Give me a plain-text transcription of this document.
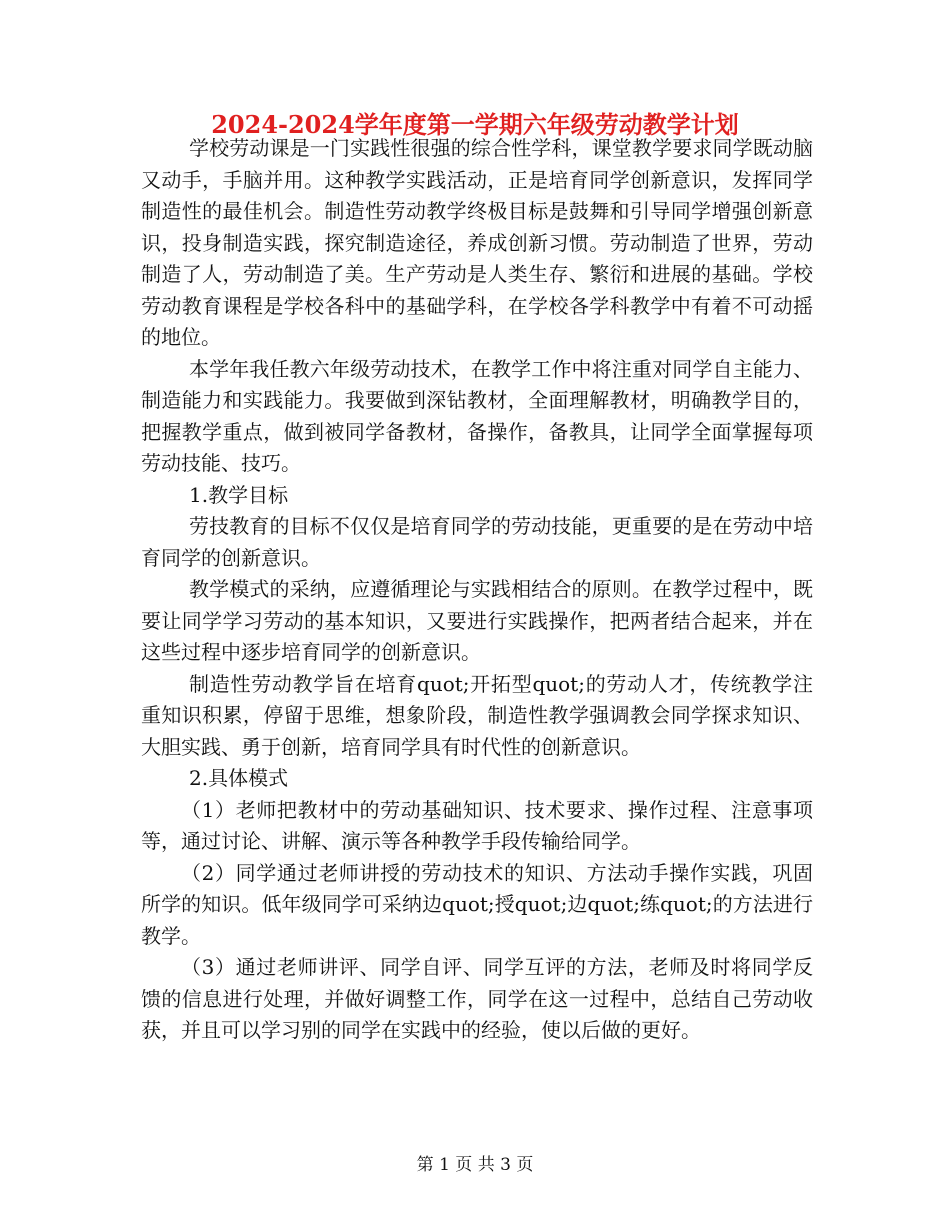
2024-2024学年度第一学期六年级劳动教学计划

学校劳动课是一门实践性很强的综合性学科，课堂教学要求同学既动脑又动手，手脑并用。这种教学实践活动，正是培育同学创新意识，发挥同学制造性的最佳机会。制造性劳动教学终极目标是鼓舞和引导同学增强创新意识，投身制造实践，探究制造途径，养成创新习惯。劳动制造了世界，劳动制造了人，劳动制造了美。生产劳动是人类生存、繁衍和进展的基础。学校劳动教育课程是学校各科中的基础学科，在学校各学科教学中有着不可动摇的地位。

本学年我任教六年级劳动技术，在教学工作中将注重对同学自主能力、制造能力和实践能力。我要做到深钻教材，全面理解教材，明确教学目的，把握教学重点，做到被同学备教材，备操作，备教具，让同学全面掌握每项劳动技能、技巧。

1.教学目标

劳技教育的目标不仅仅是培育同学的劳动技能，更重要的是在劳动中培育同学的创新意识。

教学模式的采纳，应遵循理论与实践相结合的原则。在教学过程中，既要让同学学习劳动的基本知识，又要进行实践操作，把两者结合起来，并在这些过程中逐步培育同学的创新意识。

制造性劳动教学旨在培育quot;开拓型quot;的劳动人才，传统教学注重知识积累，停留于思维，想象阶段，制造性教学强调教会同学探求知识、大胆实践、勇于创新，培育同学具有时代性的创新意识。

2.具体模式

（1）老师把教材中的劳动基础知识、技术要求、操作过程、注意事项等，通过讨论、讲解、演示等各种教学手段传输给同学。

（2）同学通过老师讲授的劳动技术的知识、方法动手操作实践，巩固所学的知识。低年级同学可采纳边quot;授quot;边quot;练quot;的方法进行教学。

（3）通过老师讲评、同学自评、同学互评的方法，老师及时将同学反馈的信息进行处理，并做好调整工作，同学在这一过程中，总结自己劳动收获，并且可以学习别的同学在实践中的经验，使以后做的更好。

第 1 页 共 3 页
